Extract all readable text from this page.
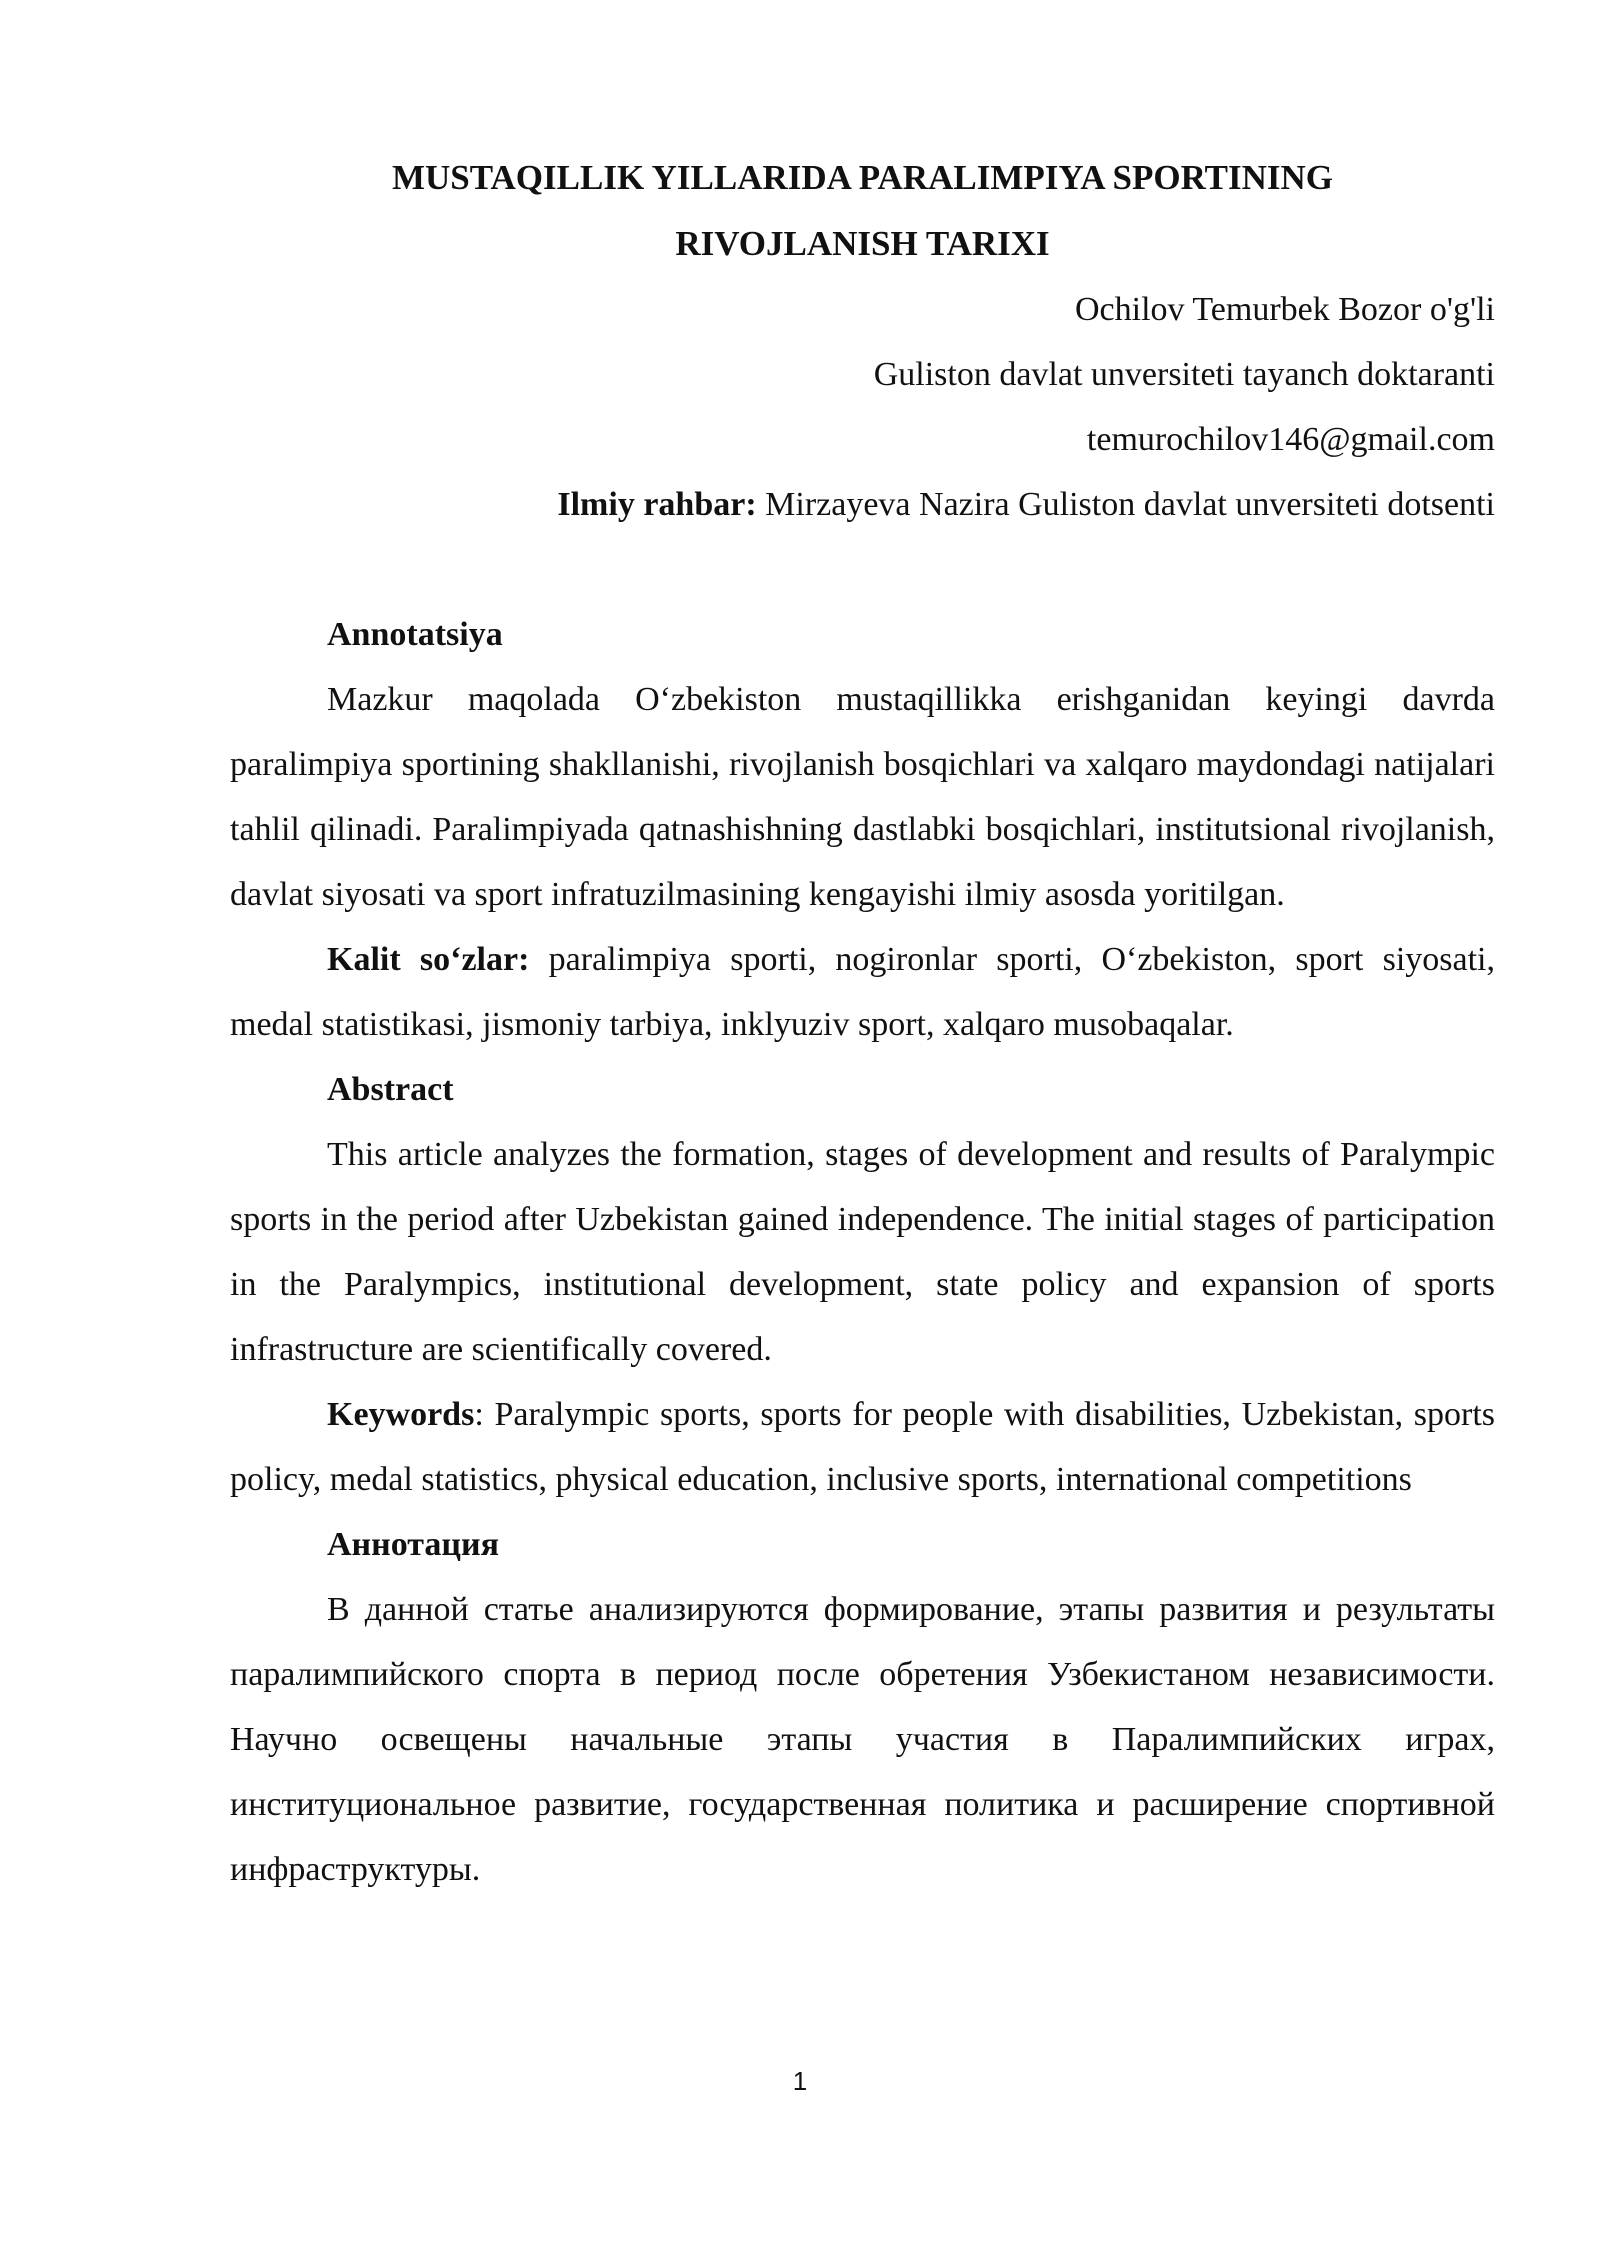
MUSTAQILLIK YILLARIDA PARALIMPIYA SPORTINING

RIVOJLANISH TARIXI

Ochilov Temurbek Bozor o'g'li

Guliston davlat unversiteti tayanch doktaranti

temurochilov146@gmail.com

Ilmiy rahbar: Mirzayeva Nazira Guliston davlat unversiteti dotsenti

Annotatsiya

Mazkur maqolada O‘zbekiston mustaqillikka erishganidan keyingi davrda paralimpiya sportining shakllanishi, rivojlanish bosqichlari va xalqaro maydondagi natijalari tahlil qilinadi. Paralimpiyada qatnashishning dastlabki bosqichlari, institutsional rivojlanish, davlat siyosati va sport infratuzilmasining kengayishi ilmiy asosda yoritilgan.

Kalit so‘zlar: paralimpiya sporti, nogironlar sporti, O‘zbekiston, sport siyosati, medal statistikasi, jismoniy tarbiya, inklyuziv sport, xalqaro musobaqalar.

Abstract

This article analyzes the formation, stages of development and results of Paralympic sports in the period after Uzbekistan gained independence. The initial stages of participation in the Paralympics, institutional development, state policy and expansion of sports infrastructure are scientifically covered.

Keywords: Paralympic sports, sports for people with disabilities, Uzbekistan, sports policy, medal statistics, physical education, inclusive sports, international competitions

Аннотация

В данной статье анализируются формирование, этапы развития и результаты паралимпийского спорта в период после обретения Узбекистаном независимости. Научно освещены начальные этапы участия в Паралимпийских играх, институциональное развитие, государственная политика и расширение спортивной инфраструктуры.

1
